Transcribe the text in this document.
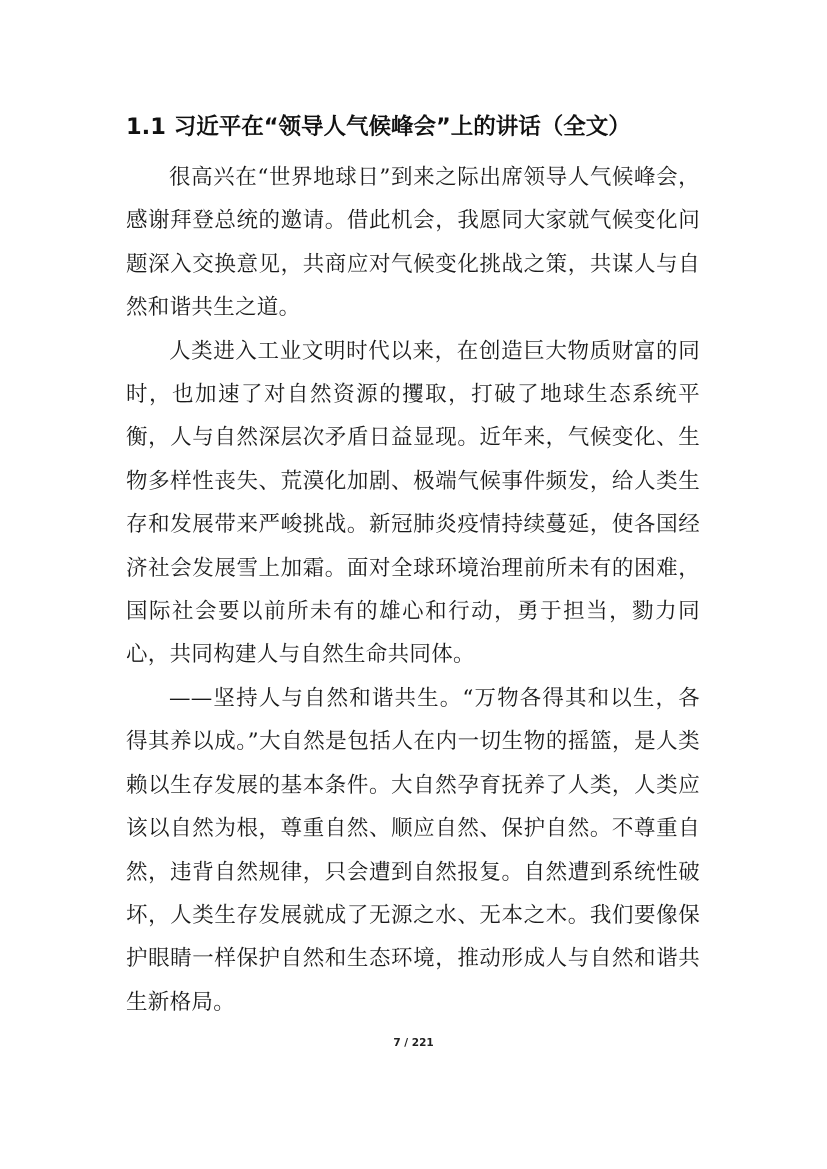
1.1 习近平在“领导人气候峰会”上的讲话（全文）

很高兴在“世界地球日”到来之际出席领导人气候峰会，感谢拜登总统的邀请。借此机会，我愿同大家就气候变化问题深入交换意见，共商应对气候变化挑战之策，共谋人与自然和谐共生之道。

人类进入工业文明时代以来，在创造巨大物质财富的同时，也加速了对自然资源的攫取，打破了地球生态系统平衡，人与自然深层次矛盾日益显现。近年来，气候变化、生物多样性丧失、荒漠化加剧、极端气候事件频发，给人类生存和发展带来严峻挑战。新冠肺炎疫情持续蔓延，使各国经济社会发展雪上加霜。面对全球环境治理前所未有的困难，国际社会要以前所未有的雄心和行动，勇于担当，勠力同心，共同构建人与自然生命共同体。

——坚持人与自然和谐共生。“万物各得其和以生，各得其养以成。”大自然是包括人在内一切生物的摇篮，是人类赖以生存发展的基本条件。大自然孕育抚养了人类，人类应该以自然为根，尊重自然、顺应自然、保护自然。不尊重自然，违背自然规律，只会遭到自然报复。自然遭到系统性破坏，人类生存发展就成了无源之水、无本之木。我们要像保护眼睛一样保护自然和生态环境，推动形成人与自然和谐共生新格局。

7 / 221
